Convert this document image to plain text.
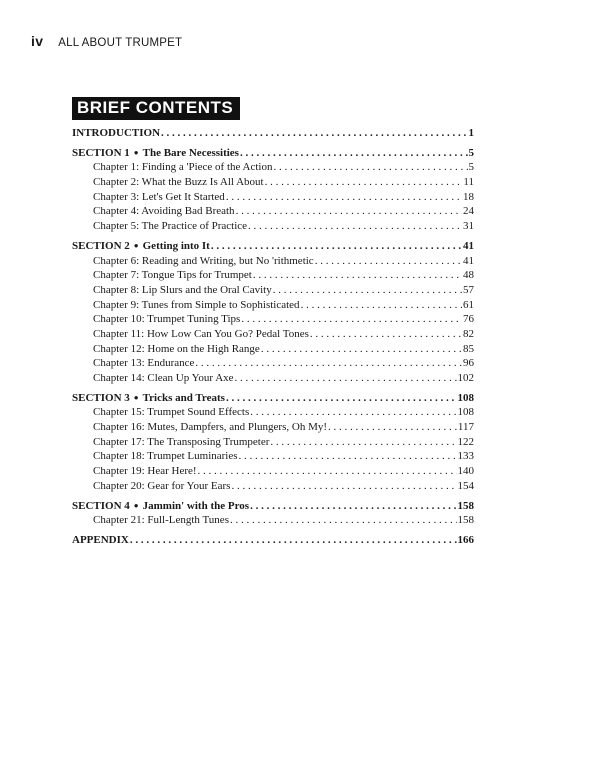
iv ALL ABOUT TRUMPET
BRIEF CONTENTS
INTRODUCTION . . .	1
SECTION 1 ● The Bare Necessities . . .	5
Chapter 1: Finding a 'Piece of the Action . . .	5
Chapter 2: What the Buzz Is All About . . .	11
Chapter 3: Let's Get It Started . . .	18
Chapter 4: Avoiding Bad Breath . . .	24
Chapter 5: The Practice of Practice . . .	31
SECTION 2 ● Getting into It . . .	41
Chapter 6: Reading and Writing, but No 'rithmetic . . .	41
Chapter 7: Tongue Tips for Trumpet . . .	48
Chapter 8: Lip Slurs and the Oral Cavity . . .	57
Chapter 9: Tunes from Simple to Sophisticated . . .	61
Chapter 10: Trumpet Tuning Tips . . .	76
Chapter 11: How Low Can You Go? Pedal Tones . . .	82
Chapter 12: Home on the High Range . . .	85
Chapter 13: Endurance . . .	96
Chapter 14: Clean Up Your Axe . . .	102
SECTION 3 ● Tricks and Treats . . .	108
Chapter 15: Trumpet Sound Effects . . .	108
Chapter 16: Mutes, Dampfers, and Plungers, Oh My! . . .	117
Chapter 17: The Transposing Trumpeter . . .	122
Chapter 18: Trumpet Luminaries . . .	133
Chapter 19: Hear Here! . . .	140
Chapter 20: Gear for Your Ears . . .	154
SECTION 4 ● Jammin' with the Pros . . .	158
Chapter 21: Full-Length Tunes . . .	158
APPENDIX . . .	166
